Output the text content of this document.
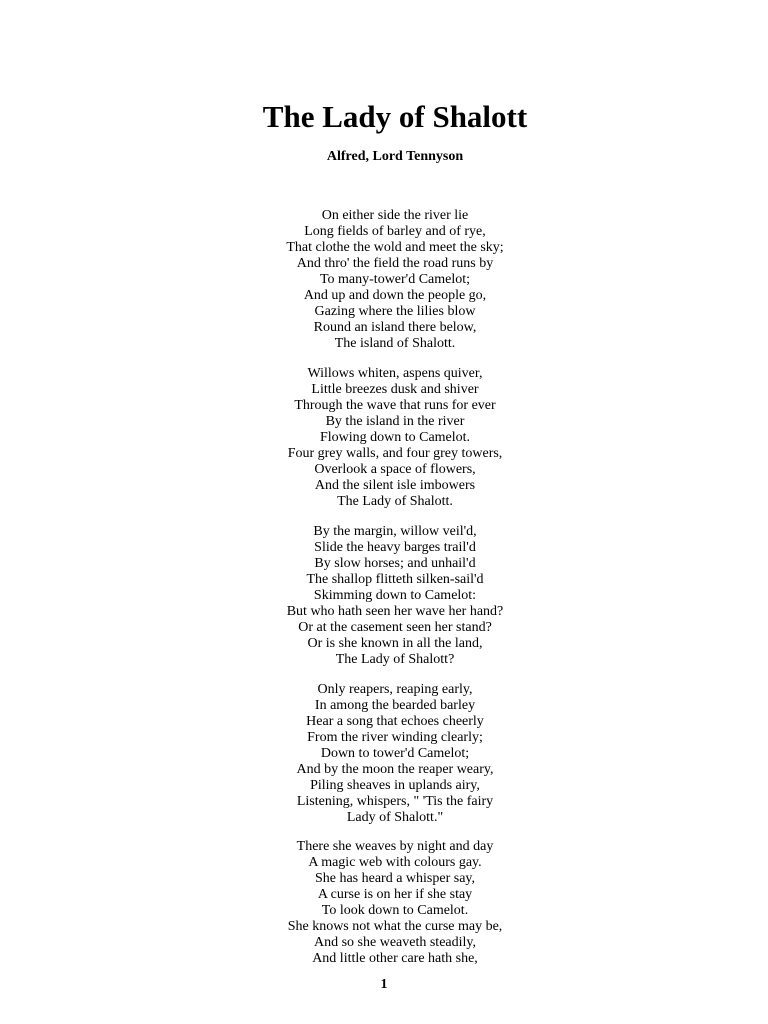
The Lady of Shalott
Alfred, Lord Tennyson
On either side the river lie
Long fields of barley and of rye,
That clothe the wold and meet the sky;
And thro' the field the road runs by
To many-tower'd Camelot;
And up and down the people go,
Gazing where the lilies blow
Round an island there below,
The island of Shalott.
Willows whiten, aspens quiver,
Little breezes dusk and shiver
Through the wave that runs for ever
By the island in the river
Flowing down to Camelot.
Four grey walls, and four grey towers,
Overlook a space of flowers,
And the silent isle imbowers
The Lady of Shalott.
By the margin, willow veil'd,
Slide the heavy barges trail'd
By slow horses; and unhail'd
The shallop flitteth silken-sail'd
Skimming down to Camelot:
But who hath seen her wave her hand?
Or at the casement seen her stand?
Or is she known in all the land,
The Lady of Shalott?
Only reapers, reaping early,
In among the bearded barley
Hear a song that echoes cheerly
From the river winding clearly;
Down to tower'd Camelot;
And by the moon the reaper weary,
Piling sheaves in uplands airy,
Listening, whispers, " 'Tis the fairy
Lady of Shalott."
There she weaves by night and day
A magic web with colours gay.
She has heard a whisper say,
A curse is on her if she stay
To look down to Camelot.
She knows not what the curse may be,
And so she weaveth steadily,
And little other care hath she,
1
